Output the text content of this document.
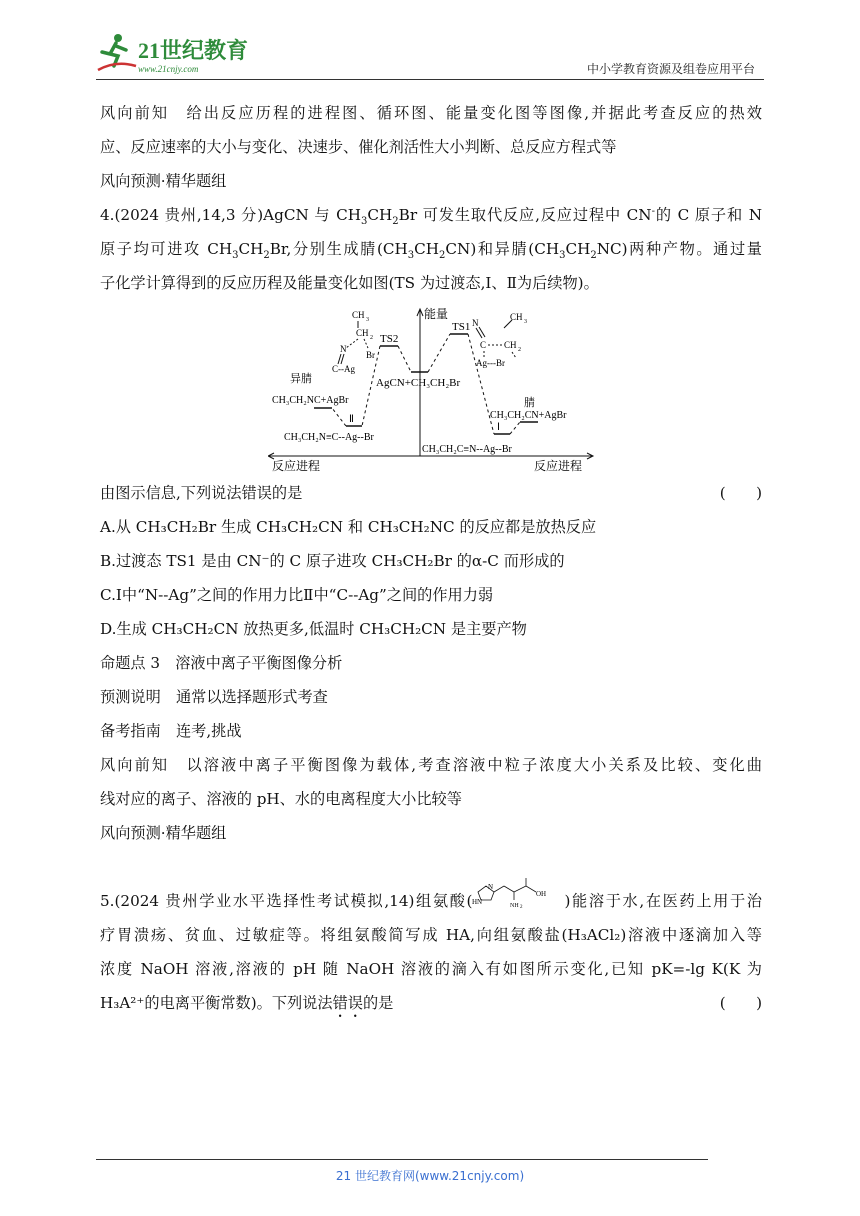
21世纪教育
www.21cnjy.com	中小学教育资源及组卷应用平台
风向前知　给出反应历程的进程图、循环图、能量变化图等图像,并据此考查反应的热效
应、反应速率的大小与变化、决速步、催化剂活性大小判断、总反应方程式等
风向预测·精华题组
4.(2024 贵州,14,3 分)AgCN 与 $CH_3CH_2Br$ 可发生取代反应,反应过程中 CN-的 C 原子和 N
原子均可进攻 $CH_3CH_2Br$,分别生成腈$(CH_3CH_2CN)$和异腈$(CH_3CH_2NC)$两种产物。通过量
子化学计算得到的反应历程及能量变化如图(TS 为过渡态,Ⅰ、Ⅱ为后续物)。
能量
反应进程	反应进程
TS2
TS1
AgCN+CH₃CH₂Br
异腈
CH₃CH₂NC+AgBr
Ⅱ
CH₃CH₂N≡C--Ag--Br
腈
CH₃CH₂CN+AgBr
Ⅰ
CH₃CH₂C≡N--Ag--Br
CH 3
CH 2
N
Br
C--Ag
N
CH 3
C CH 2
Ag---Br
由图示信息,下列说法错误的是	(　　)
A.从 CH₃CH₂Br 生成 CH₃CH₂CN 和 CH₃CH₂NC 的反应都是放热反应
B.过渡态 TS1 是由 CN⁻的 C 原子进攻 CH₃CH₂Br 的α-C 而形成的
C.Ⅰ中“N--Ag”之间的作用力比Ⅱ中“C--Ag”之间的作用力弱
D.生成 CH₃CH₂CN 放热更多,低温时 CH₃CH₂CN 是主要产物
命题点 3　溶液中离子平衡图像分析
预测说明　通常以选择题形式考查
备考指南　连考,挑战
风向前知　以溶液中离子平衡图像为载体,考查溶液中粒子浓度大小关系及比较、变化曲
线对应的离子、溶液的 pH、水的电离程度大小比较等
风向预测·精华题组
5.(2024 贵州学业水平选择性考试模拟,14)组氨酸(
N
HN	NH 2
OH )能溶于水,在医药上用于治
疗胃溃疡、贫血、过敏症等。将组氨酸简写成 HA,向组氨酸盐(H₃ACl₂)溶液中逐滴加入等
浓度 NaOH 溶液,溶液的 pH 随 NaOH 溶液的滴入有如图所示变化,已知 pK=-lg K(K 为
H₃A²⁺的电离平衡常数)。下列说法错误的是	(　　)
21 世纪教育网(www.21cnjy.com)
